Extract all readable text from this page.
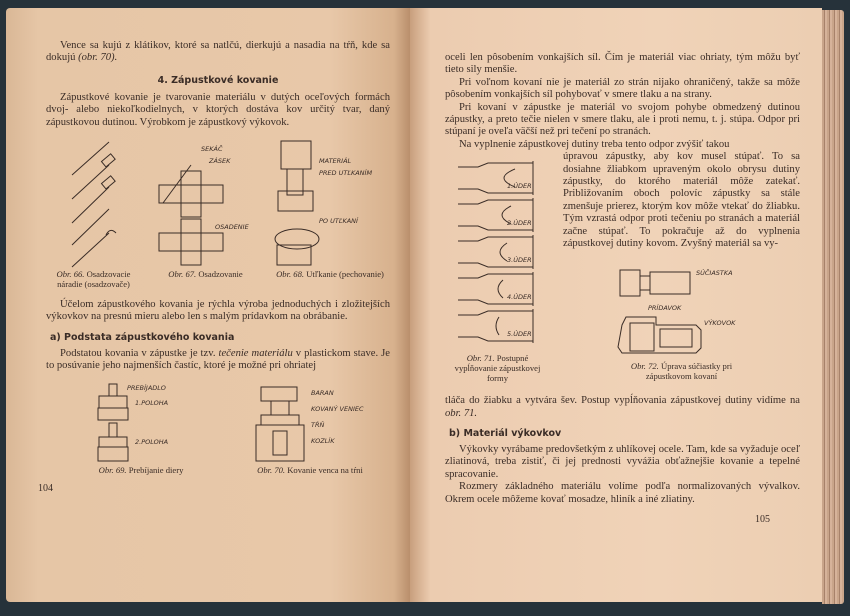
Vence sa kujú z klátikov, ktoré sa natlčú, dierkujú a nasadia na tŕň, kde sa dokujú (obr. 70).

4. Zápustkové kovanie

Zápustkové kovanie je tvarovanie materiálu v dutých oceľových formách dvoj- alebo niekoľkodielnych, v ktorých dostáva kov určitý tvar, daný zápustkovou dutinou. Výrobkom je zápustkový výkovok.

Obr. 66. Osadzovacie náradie (osadzovače)
SEKÁČ
ZÁSEK
OSADENIE
Obr. 67. Osadzovanie
MATERIÁL
PRED UTĽKANÍM
PO UTĽKANÍ
Obr. 68. Utľkanie (pechovanie)

Účelom zápustkového kovania je rýchla výroba jednoduchých i zložitejších výkovkov na presnú mieru alebo len s malým prídavkom na obrábanie.

a) Podstata zápustkového kovania

Podstatou kovania v zápustke je tzv. tečenie materiálu v plastickom stave. Je to posúvanie jeho najmenších častíc, ktoré je možné pri ohriatej

PREBÍJADLO
1.POLOHA
2.POLOHA
Obr. 69. Prebíjanie diery
BARAN
KOVANÝ VENIEC
TŔŇ
KOZLÍK
Obr. 70. Kovanie venca na tŕni
104

oceli len pôsobením vonkajších síl. Čím je materiál viac ohriaty, tým môžu byť tieto sily menšie.

Pri voľnom kovaní nie je materiál zo strán nijako ohraničený, takže sa môže pôsobením vonkajších síl pohybovať v smere tlaku a na strany.

Pri kovaní v zápustke je materiál vo svojom pohybe obmedzený dutinou zápustky, a preto tečie nielen v smere tlaku, ale i proti nemu, t. j. stúpa. Odpor pri stúpaní je oveľa väčší než pri tečení po stranách.

Na vyplnenie zápustkovej dutiny treba tento odpor zvýšiť takou

1.ÚDER
2.ÚDER
3.ÚDER
4.ÚDER
5.ÚDER
Obr. 71. Postupné vypĺňovanie zápustkovej formy

úpravou zápustky, aby kov musel stúpať. To sa dosiahne žliabkom upraveným okolo obrysu dutiny zápustky, do ktorého materiál môže zatekať. Približovaním oboch polovíc zápustky sa stále zmenšuje prierez, ktorým kov môže vtekať do žliabku. Tým vzrastá odpor proti tečeniu po stranách a materiál začne stúpať. To pokračuje až do vyplnenia zápustkovej dutiny kovom. Zvyšný materiál sa vy-

SÚČIASTKA
PRÍDAVOK
VÝKOVOK
Obr. 72. Úprava súčiastky pri zápustkovom kovaní

tláča do žiabku a vytvára šev. Postup vypĺňovania zápustkovej dutiny vidíme na obr. 71.

b) Materiál výkovkov

Výkovky vyrábame predovšetkým z uhlíkovej ocele. Tam, kde sa vyžaduje oceľ zliatinová, treba zistiť, či jej prednosti vyvážia obťažnejšie kovanie a tepelné spracovanie.

Rozmery základného materiálu volíme podľa normalizovaných vývalkov. Okrem ocele môžeme kovať mosadze, hliník a iné zliatiny.

105
